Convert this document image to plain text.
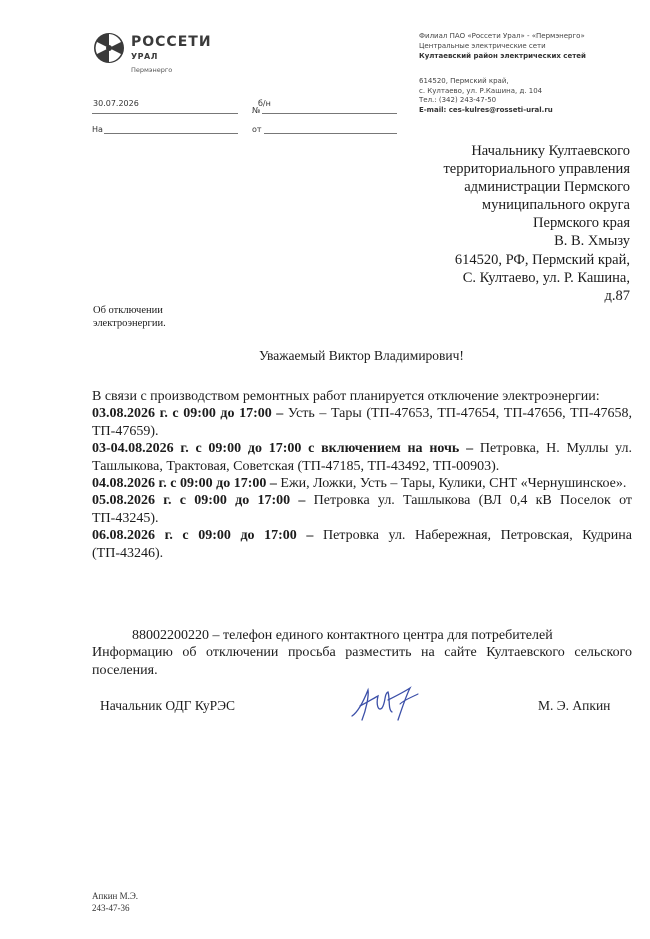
РОССЕТИ
УРАЛ
Пермэнерго
Филиал ПАО «Россети Урал» - «Пермэнерго»
Центральные электрические сети
Култаевский район электрических сетей
614520, Пермский край,
с. Култаево, ул. Р.Кашина, д. 104
Тел.: (342) 243-47-50
E-mail: ces-kulres@rosseti-ural.ru
30.07.2026	б/н
№
На	от
Начальнику Култаевского
территориального управления
администрации Пермского
муниципального округа
Пермского края
В. В. Хмызу
614520, РФ, Пермский край,
С. Култаево, ул. Р. Кашина,
д.87
Об отключении
электроэнергии.
Уважаемый Виктор Владимирович!

В связи с производством ремонтных работ планируется отключение электроэнергии:

03.08.2026 г. с 09:00 до 17:00 – Усть – Тары (ТП-47653, ТП-47654, ТП-47656, ТП-47658, ТП-47659).

03-04.08.2026 г. с 09:00 до 17:00 с включением на ночь – Петровка, Н. Муллы ул. Ташлыкова, Трактовая, Советская (ТП-47185, ТП-43492, ТП-00903).

04.08.2026 г. с 09:00 до 17:00 – Ежи, Ложки, Усть – Тары, Кулики, СНТ «Чернушинское».

05.08.2026 г. с 09:00 до 17:00 – Петровка ул. Ташлыкова (ВЛ 0,4 кВ Поселок от ТП-43245).

06.08.2026 г. с 09:00 до 17:00 – Петровка ул. Набережная, Петровская, Кудрина (ТП-43246).

88002200220 – телефон единого контактного центра для потребителей

Информацию об отключении просьба разместить на сайте Култаевского сельского поселения.

Начальник ОДГ КуРЭС	М. Э. Апкин
Апкин М.Э.
243-47-36
